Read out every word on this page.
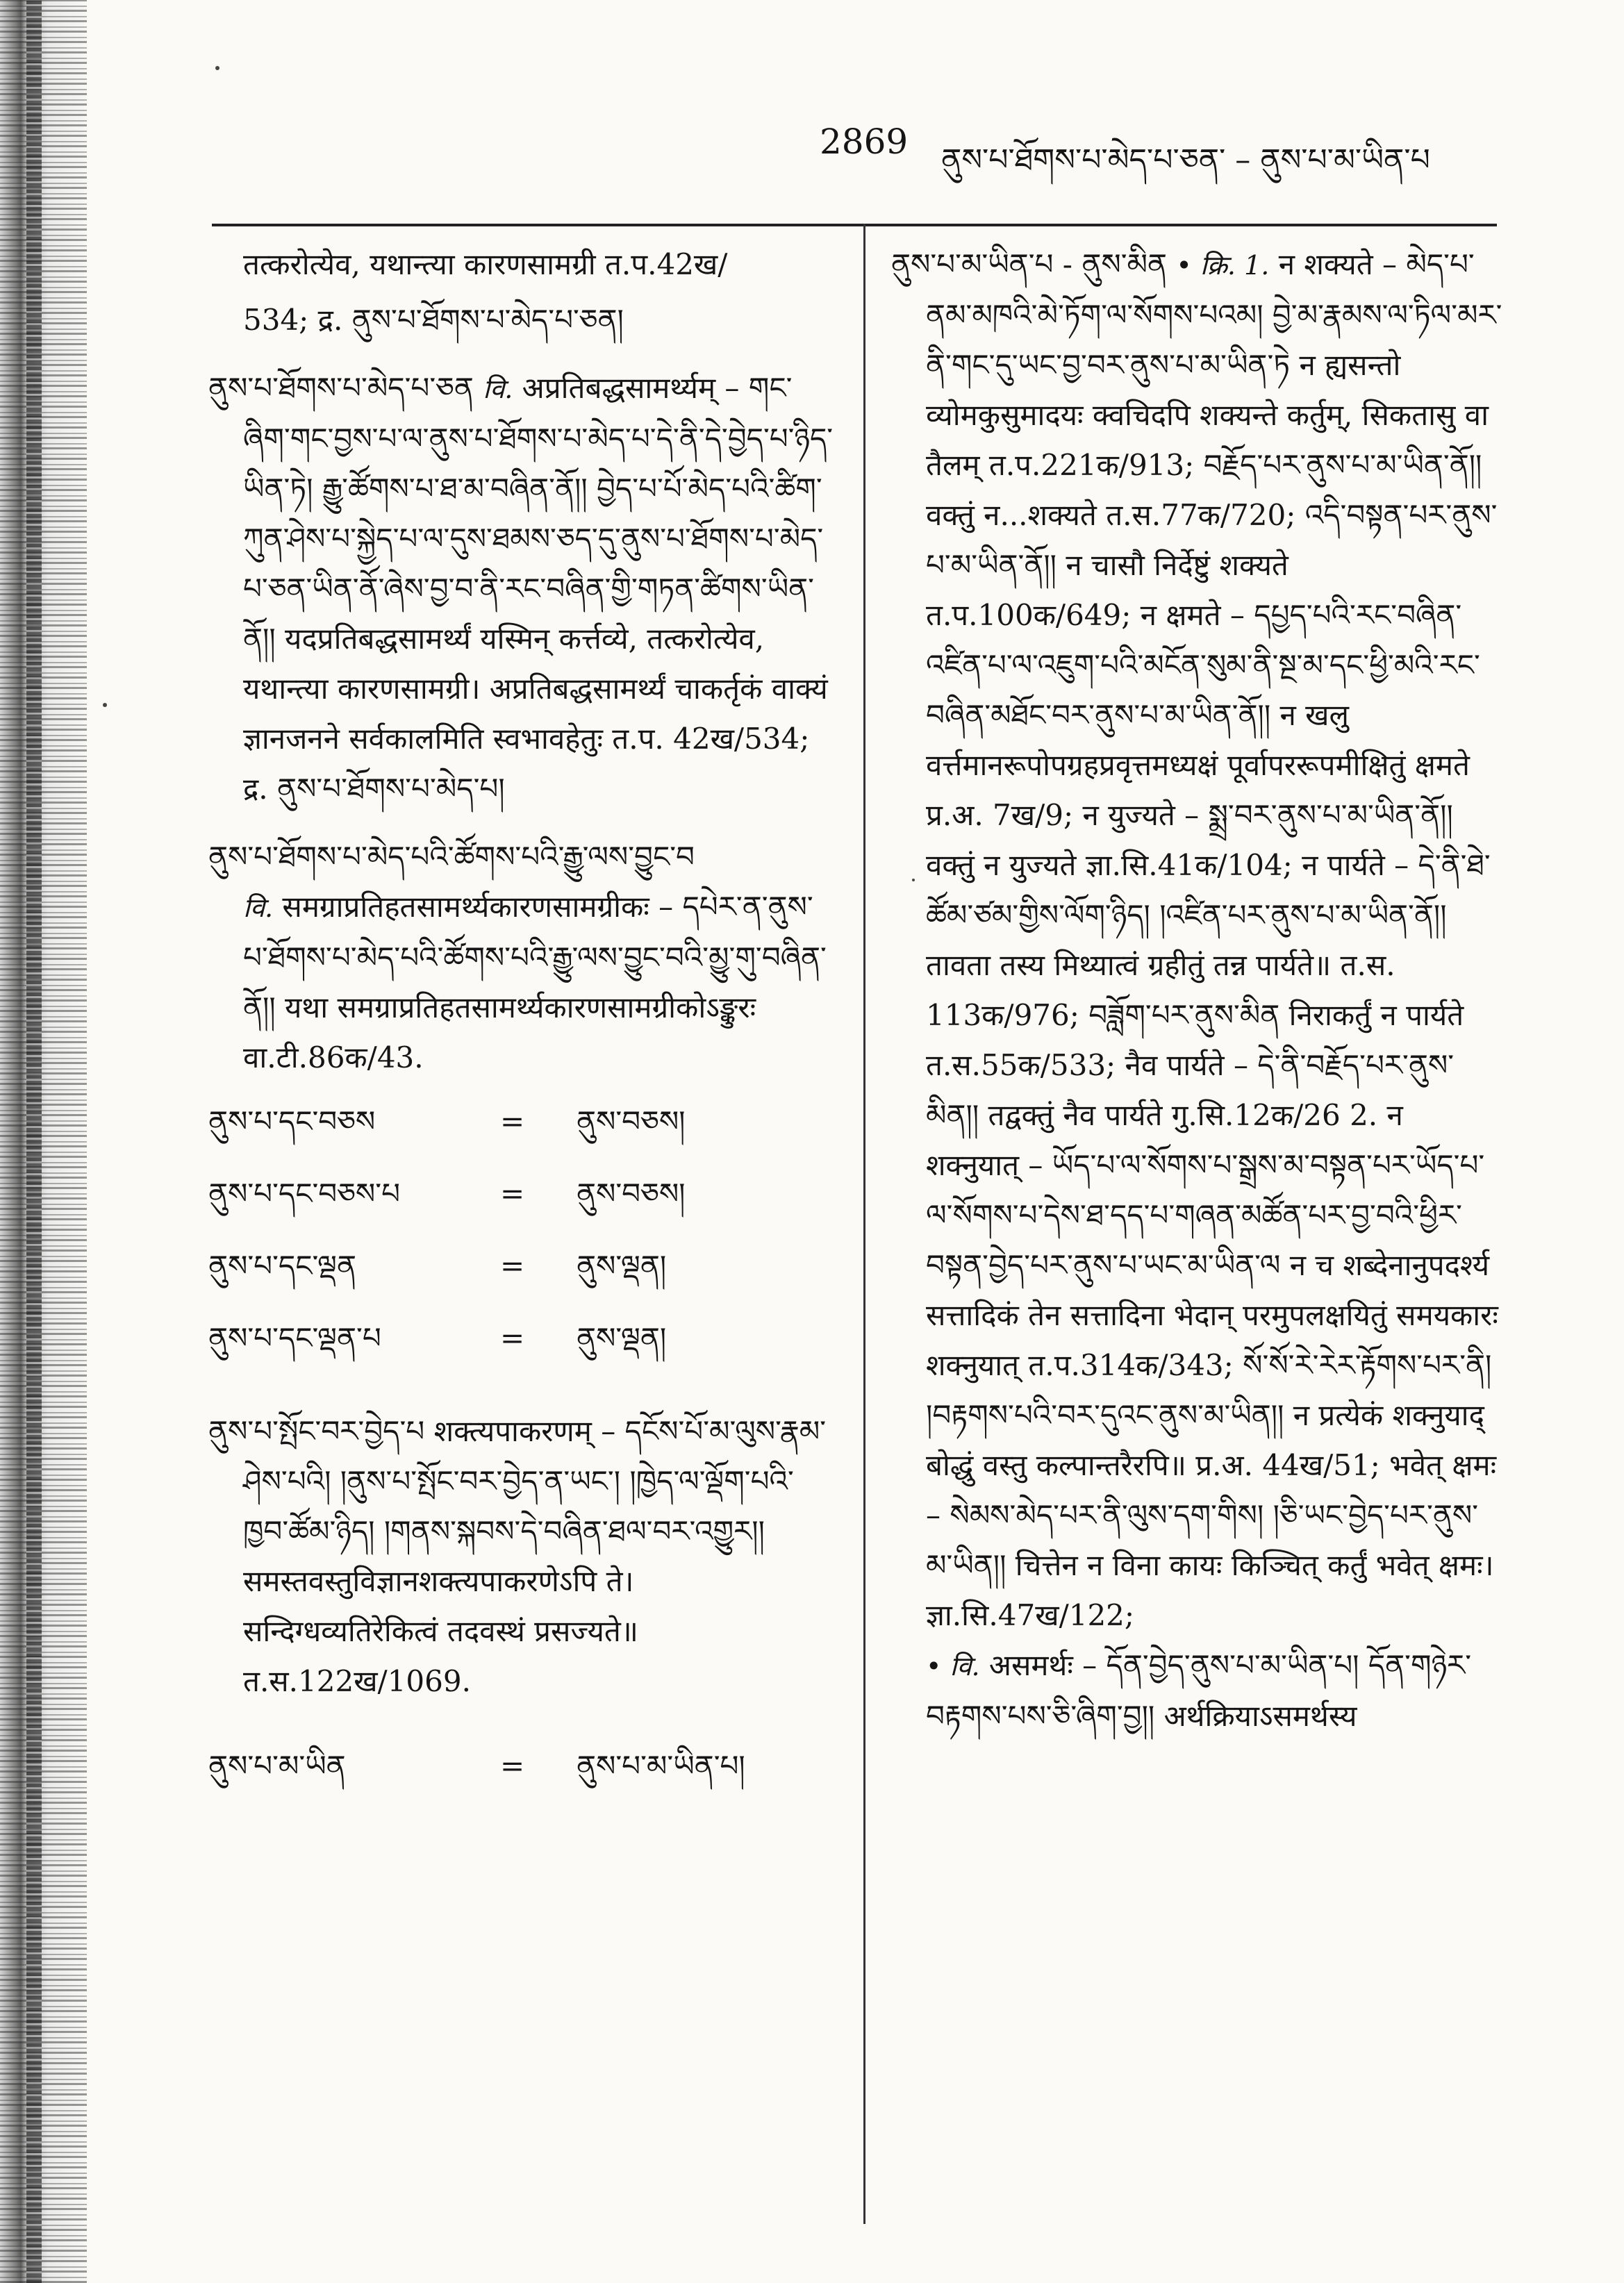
2869 ནུས་པ་ཐོགས་པ་མེད་པ་ཅན་ – ནུས་པ་མ་ཡིན་པ
तत्करोत्येव, यथान्त्या कारणसामग्री त.प.42ख/
534; द्र. ནུས་པ་ཐོགས་པ་མེད་པ་ཅན།
ནུས་པ་ཐོགས་པ་མེད་པ་ཅན वि. अप्रतिबद्धसामर्थ्यम् – གང་ཞིག་གང་བྱས་པ་ལ་ནུས་པ་ཐོགས་པ་མེད་པ་དེ་ནི་དེ་བྱེད་པ་ཉིད་ཡིན་ཏེ། རྒྱུ་ཚོགས་པ་ཐ་མ་བཞིན་ནོ།། བྱེད་པ་པོ་མེད་པའི་ཚིག་ཀུན་ཤེས་པ་སྐྱེད་པ་ལ་དུས་ཐམས་ཅད་དུ་ནུས་པ་ཐོགས་པ་མེད་པ་ཅན་ཡིན་ནོ་ཞེས་བྱ་བ་ནི་རང་བཞིན་གྱི་གཏན་ཚིགས་ཡིན་ནོ།། यदप्रतिबद्धसामर्थ्यं यस्मिन् कर्त्तव्ये, तत्करोत्येव, यथान्त्या कारणसामग्री। अप्रतिबद्धसामर्थ्यं चाकर्तृकं वाक्यं ज्ञानजनने सर्वकालमिति स्वभावहेतुः त.प. 42ख/534; द्र. ནུས་པ་ཐོགས་པ་མེད་པ།
ནུས་པ་ཐོགས་པ་མེད་པའི་ཚོགས་པའི་རྒྱུ་ལས་བྱུང་བ
वि. समग्राप्रतिहतसामर्थ्यकारणसामग्रीकः – དཔེར་ན་ནུས་པ་ཐོགས་པ་མེད་པའི་ཚོགས་པའི་རྒྱུ་ལས་བྱུང་བའི་མྱུ་གུ་བཞིན་ནོ།། यथा समग्राप्रतिहतसामर्थ्यकारणसामग्रीकोऽङ्कुरः वा.टी.86क/43.
ནུས་པ་དང་བཅས	=	ནུས་བཅས།
ནུས་པ་དང་བཅས་པ	=	ནུས་བཅས།
ནུས་པ་དང་ལྡན	=	ནུས་ལྡན།
ནུས་པ་དང་ལྡན་པ	=	ནུས་ལྡན།
ནུས་པ་སྤོང་བར་བྱེད་པ शक्त्यपाकरणम् – དངོས་པོ་མ་ལུས་རྣམ་ཤེས་པའི། །ནུས་པ་སྤོང་བར་བྱེད་ན་ཡང་། །ཁྱེད་ལ་ལྡོག་པའི་ཁྱབ་ཚོམ་ཉིད། །གནས་སྐབས་དེ་བཞིན་ཐལ་བར་འགྱུར།། समस्तवस्तुविज्ञानशक्त्यपाकरणेऽपि ते। सन्दिग्धव्यतिरेकित्वं तदवस्थं प्रसज्यते॥ त.स.122ख/1069.
ནུས་པ་མ་ཡིན	=	ནུས་པ་མ་ཡིན་པ།
ནུས་པ་མ་ཡིན་པ - ནུས་མིན • क्रि. 1. न शक्यते – མེད་པ་ནམ་མཁའི་མེ་ཏོག་ལ་སོགས་པའམ། བྱེ་མ་རྣམས་ལ་ཏིལ་མར་ནི་གང་དུ་ཡང་བྱ་བར་ནུས་པ་མ་ཡིན་ཏེ न ह्यसन्तो व्योमकुसुमादयः क्वचिदपि शक्यन्ते कर्तुम्, सिकतासु वा तैलम् त.प.221क/913; བརྗོད་པར་ནུས་པ་མ་ཡིན་ནོ།། वक्तुं न...शक्यते त.स.77क/720; འདི་བསྟན་པར་ནུས་པ་མ་ཡིན་ནོ།། न चासौ निर्देष्टुं शक्यते त.प.100क/649; न क्षमते – དཔྱད་པའི་རང་བཞིན་འཛིན་པ་ལ་འཇུག་པའི་མངོན་སུམ་ནི་སྔ་མ་དང་ཕྱི་མའི་རང་བཞིན་མཐོང་བར་ནུས་པ་མ་ཡིན་ནོ།། न खलु वर्त्तमानरूपोपग्रहप्रवृत्तमध्यक्षं पूर्वापररूपमीक्षितुं क्षमते प्र.अ. 7ख/9; न युज्यते – སྨྲ་བར་ནུས་པ་མ་ཡིན་ནོ།། वक्तुं न युज्यते ज्ञा.सि.41क/104; न पार्यते – དེ་ནི་ཐེ་ཚོམ་ཙམ་གྱིས་ལོག་ཉིད། །འཛིན་པར་ནུས་པ་མ་ཡིན་ནོ།། तावता तस्य मिथ्यात्वं ग्रहीतुं तन्न पार्यते॥ त.स. 113क/976; བཟློག་པར་ནུས་མིན निराकर्तुं न पार्यते त.स.55क/533; नैव पार्यते – དེ་ནི་བརྗོད་པར་ནུས་མིན།། तद्वक्तुं नैव पार्यते गु.सि.12क/26 2. न शक्नुयात् – ཡོད་པ་ལ་སོགས་པ་སྒྲས་མ་བསྟན་པར་ཡོད་པ་ལ་སོགས་པ་དེས་ཐ་དད་པ་གཞན་མཚོན་པར་བྱ་བའི་ཕྱིར་བསྟན་བྱེད་པར་ནུས་པ་ཡང་མ་ཡིན་ལ न च शब्देनानुपदर्श्य सत्तादिकं तेन सत्तादिना भेदान् परमुपलक्षयितुं समयकारः शक्नुयात् त.प.314क/343; སོ་སོ་རེ་རེར་རྟོགས་པར་ནི། །བརྟགས་པའི་བར་དུའང་ནུས་མ་ཡིན།། न प्रत्येकं शक्नुयाद् बोद्धुं वस्तु कल्पान्तरैरपि॥ प्र.अ. 44ख/51; भवेत् क्षमः – སེམས་མེད་པར་ནི་ལུས་དག་གིས། །ཅི་ཡང་བྱེད་པར་ནུས་མ་ཡིན།། चित्तेन न विना कायः किञ्चित् कर्तुं भवेत् क्षमः। ज्ञा.सि.47ख/122;
• वि. असमर्थः – དོན་བྱེད་ནུས་པ་མ་ཡིན་པ། དོན་གཉེར་བརྟགས་པས་ཅི་ཞིག་བྱ།། अर्थक्रियाऽसमर्थस्य
